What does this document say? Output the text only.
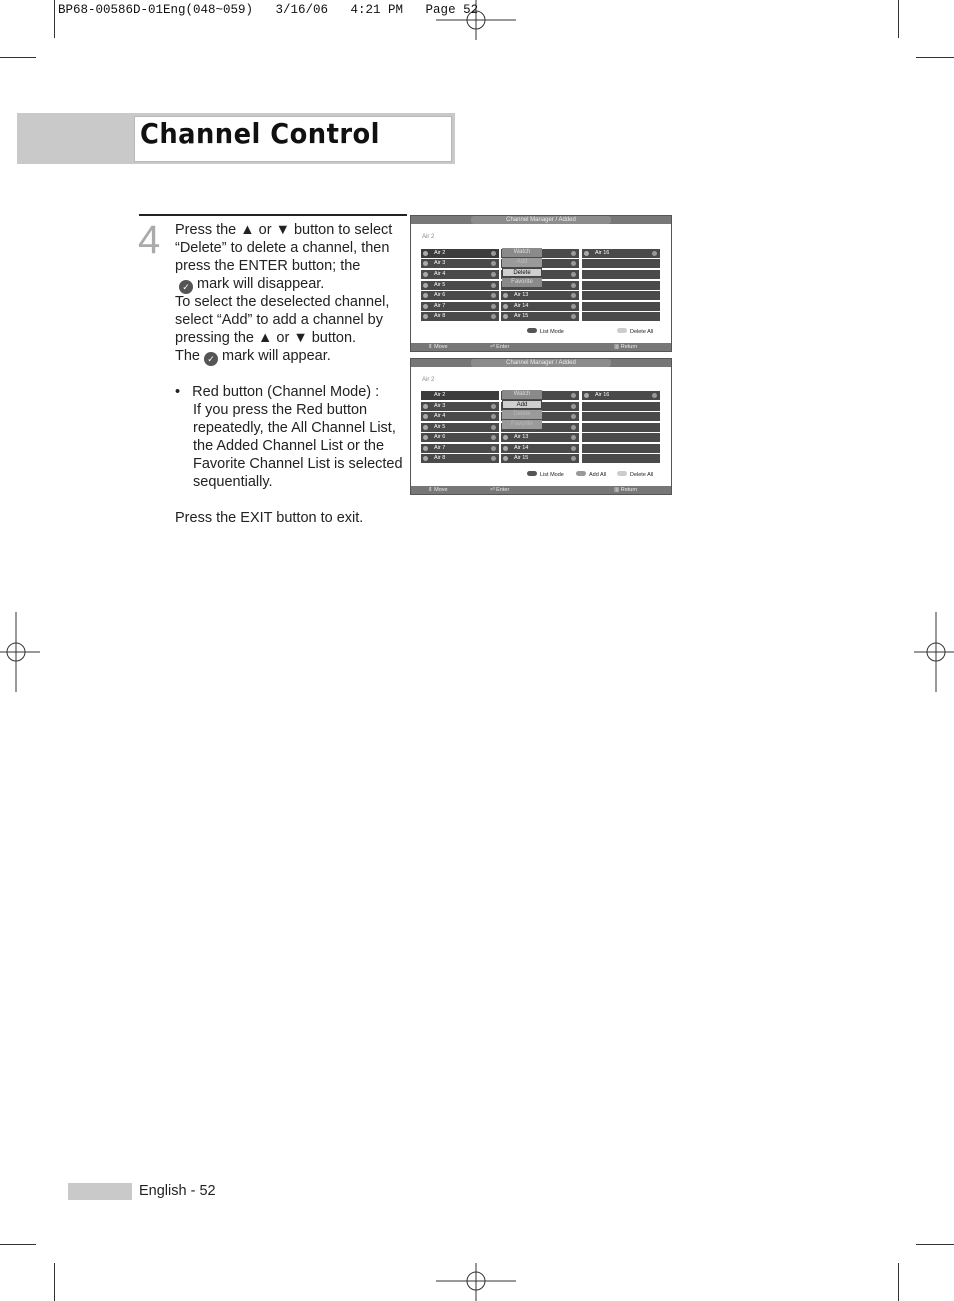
BP68-00586D-01Eng(048~059)   3/16/06   4:21 PM   Page 52
Channel Control
4 Press the ▲ or ▼ button to select
“Delete” to delete a channel, then
press the ENTER button; the
✓ mark will disappear.
To select the deselected channel,
select “Add” to add a channel by
pressing the ▲ or ▼ button.
The ✓ mark will appear.
• Red button (Channel Mode) :
If you press the Red button
repeatedly, the All Channel List,
the Added Channel List or the
Favorite Channel List is selected
sequentially.
Press the EXIT button to exit.
Channel Manager / Added
Air 2
Air 2
Air 3
Air 4
Air 5
Air 6
Air 7
Air 8
Air 13
Air 14
Air 15
Watch
Add
Delete
Favorite
Air 16
List Mode	Delete All
⇕ Move	⏎ Enter	▥ Return
Channel Manager / Added
Air 2
Air 2
Air 3
Air 4
Air 5
Air 6
Air 7
Air 8
Air 13
Air 14
Air 15
Watch
Add
Delete
Favorite
Air 16
List Mode	Add All	Delete All
⇕ Move	⏎ Enter	▥ Return
English - 52
